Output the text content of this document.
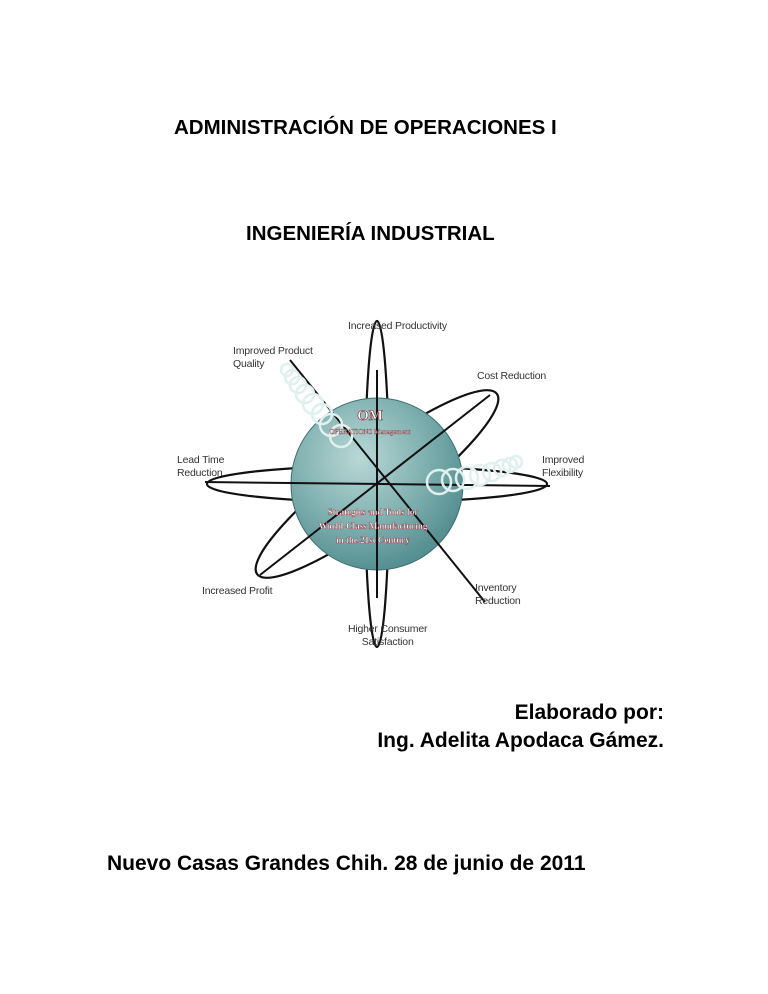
ADMINISTRACIÓN DE OPERACIONES I
INGENIERÍA INDUSTRIAL
OM
OPERATIONS Management
Strategies and Tools for
World-Class Manufacturing
in the 21st Century
Increased Productivity
Improved Product
Quality
Cost Reduction
Lead Time
Reduction
Improved
Flexibility
Increased Profit	Inventory
Reduction
Higher Consumer
Satisfaction
Elaborado por:
Ing. Adelita Apodaca Gámez.
Nuevo Casas Grandes Chih. 28 de junio de 2011
